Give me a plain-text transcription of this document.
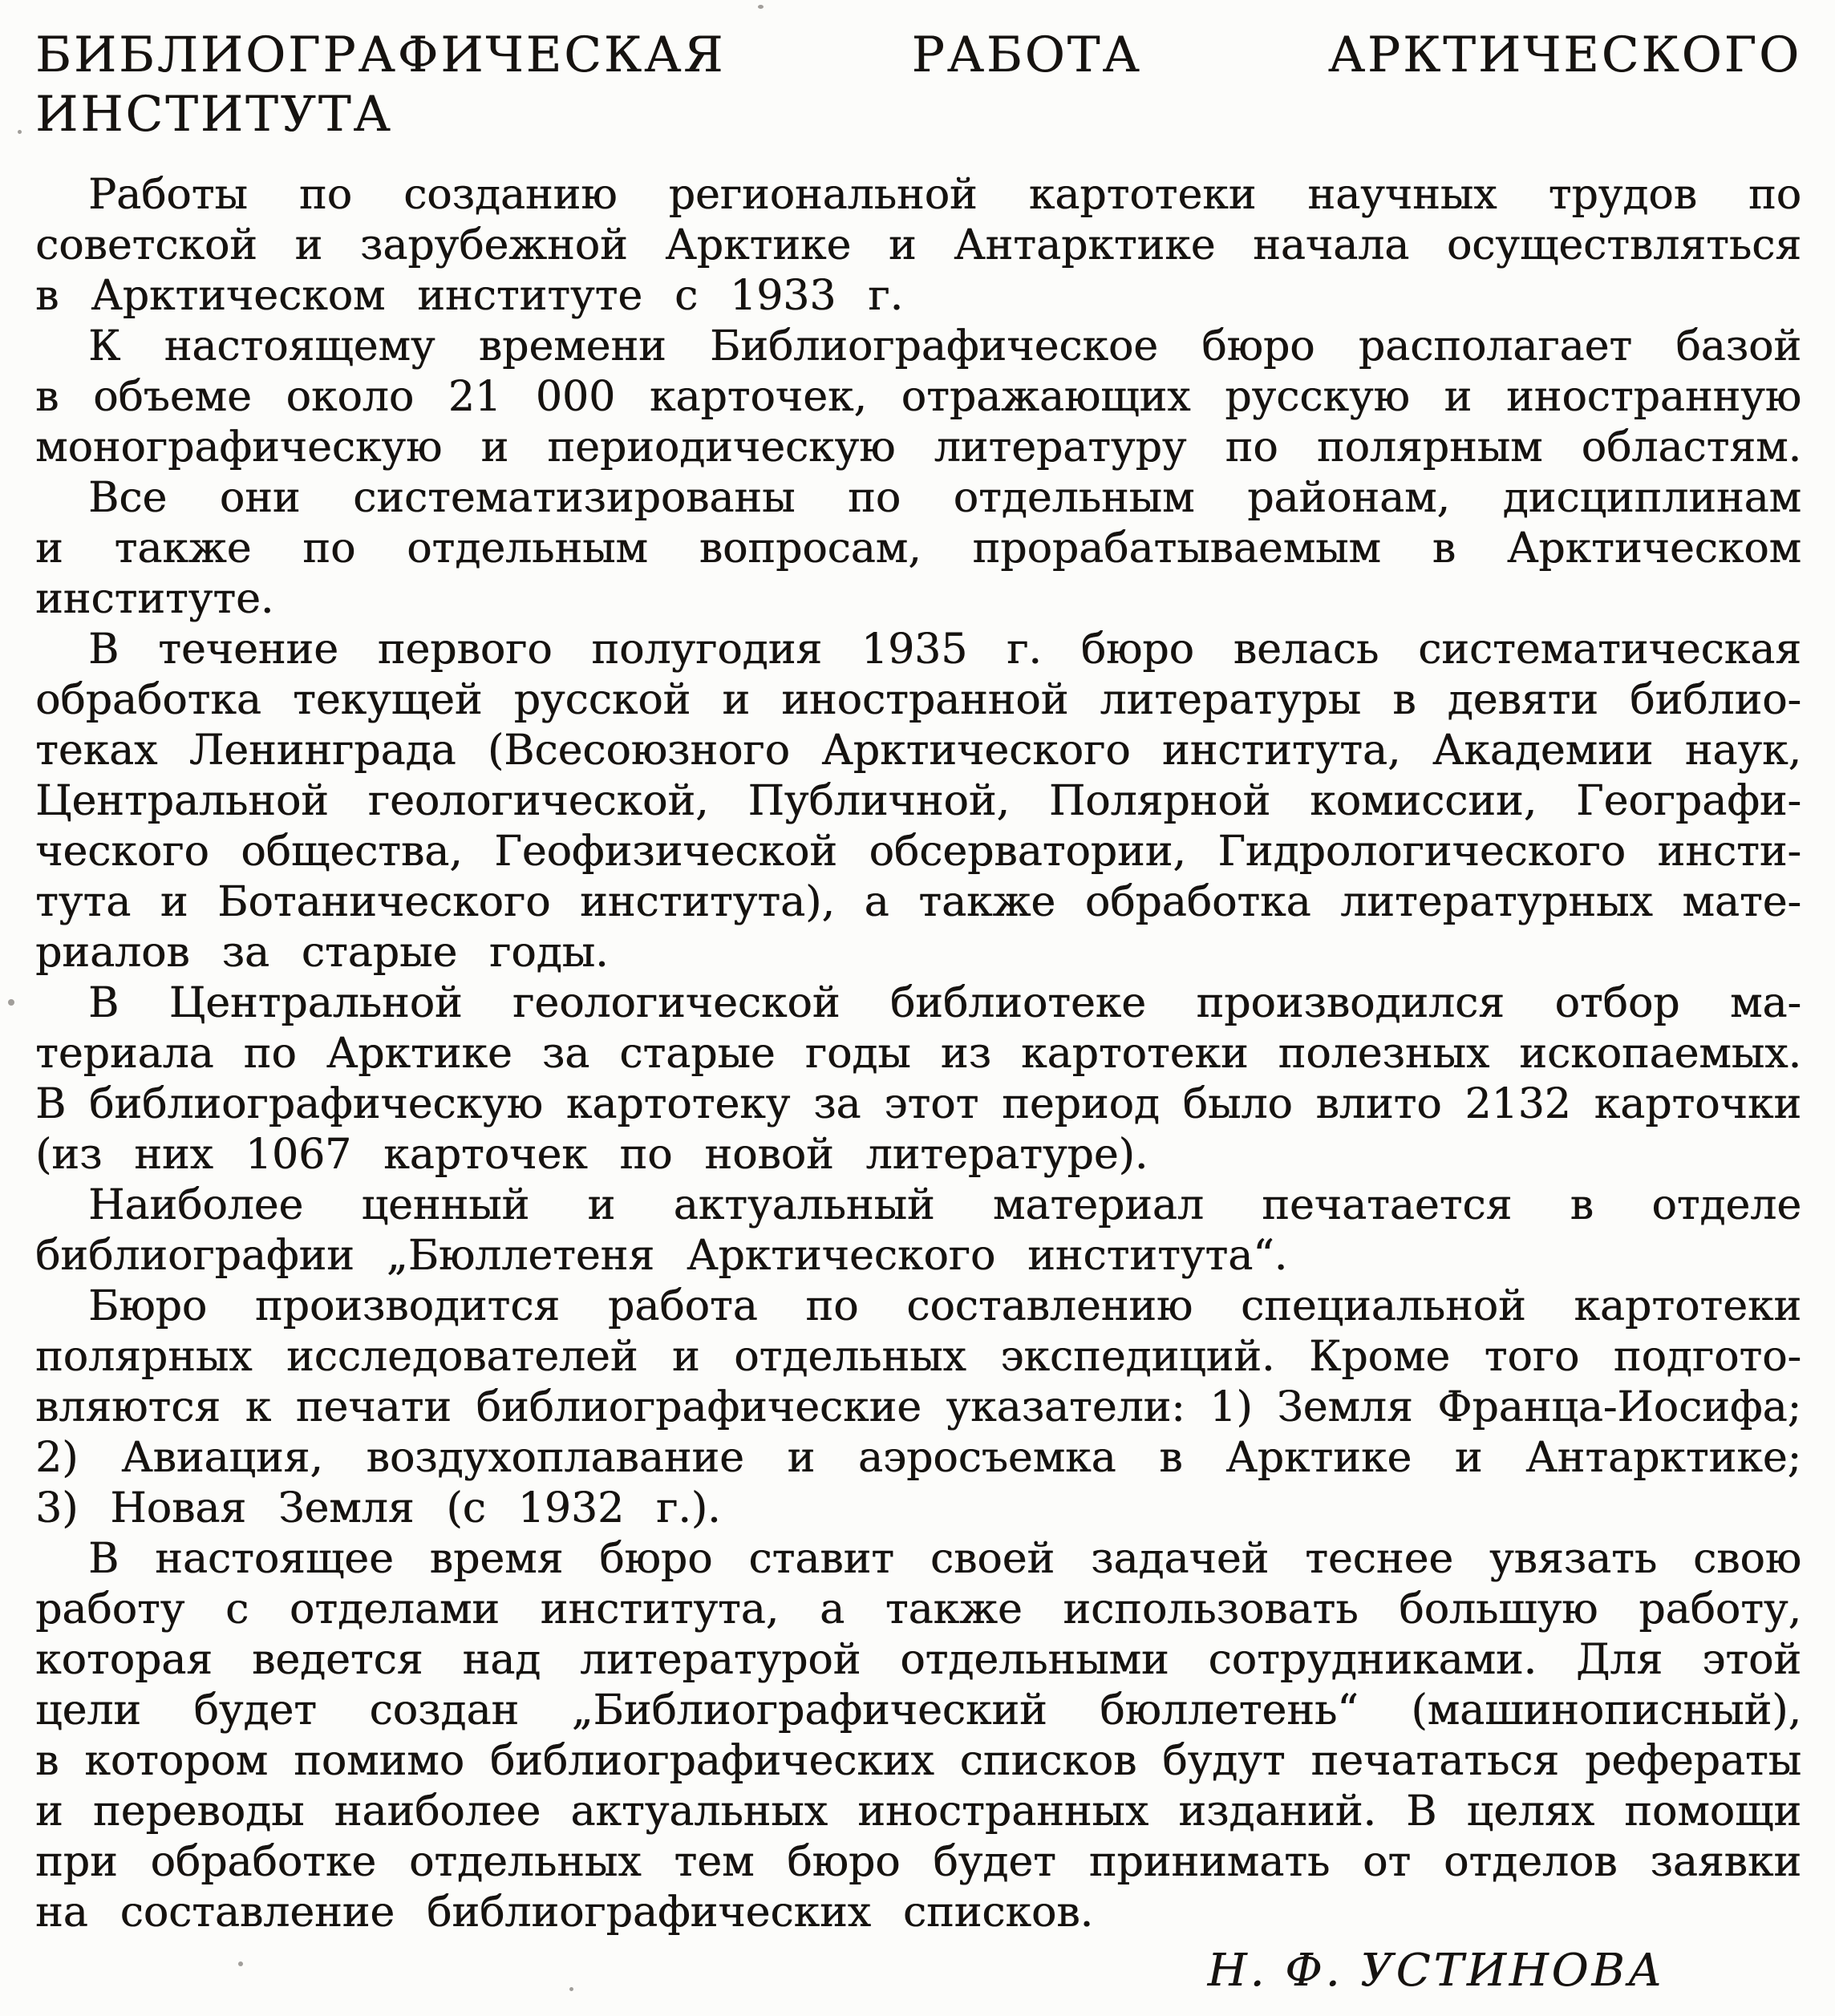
БИБЛИОГРАФИЧЕСКАЯ РАБОТА АРКТИЧЕСКОГО ИНСТИТУТА
Работы по созданию региональной картотеки научных трудов по
советской и зарубежной Арктике и Антарктике начала осуществляться
в Арктическом институте с 1933 г.
К настоящему времени Библиографическое бюро располагает базой
в объеме около 21 000 карточек, отражающих русскую и иностранную
монографическую и периодическую литературу по полярным областям.
Все они систематизированы по отдельным районам, дисциплинам
и также по отдельным вопросам, прорабатываемым в Арктическом
институте.
В течение первого полугодия 1935 г. бюро велась систематическая
обработка текущей русской и иностранной литературы в девяти библио-
теках Ленинграда (Всесоюзного Арктического института, Академии наук,
Центральной геологической, Публичной, Полярной комиссии, Географи-
ческого общества, Геофизической обсерватории, Гидрологического инсти-
тута и Ботанического института), а также обработка литературных мате-
риалов за старые годы.
В Центральной геологической библиотеке производился отбор ма-
териала по Арктике за старые годы из картотеки полезных ископаемых.
В библиографическую картотеку за этот период было влито 2132 карточки
(из них 1067 карточек по новой литературе).
Наиболее ценный и актуальный материал печатается в отделе
библиографии „Бюллетеня Арктического института“.
Бюро производится работа по составлению специальной картотеки
полярных исследователей и отдельных экспедиций. Кроме того подгото-
вляются к печати библиографические указатели: 1) Земля Франца-Иосифа;
2) Авиация, воздухоплавание и аэросъемка в Арктике и Антарктике;
3) Новая Земля (с 1932 г.).
В настоящее время бюро ставит своей задачей теснее увязать свою
работу с отделами института, а также использовать большую работу,
которая ведется над литературой отдельными сотрудниками. Для этой
цели будет создан „Библиографический бюллетень“ (машинописный),
в котором помимо библиографических списков будут печататься рефераты
и переводы наиболее актуальных иностранных изданий. В целях помощи
при обработке отдельных тем бюро будет принимать от отделов заявки
на составление библиографических списков.
Н. Ф. УСТИНОВА
